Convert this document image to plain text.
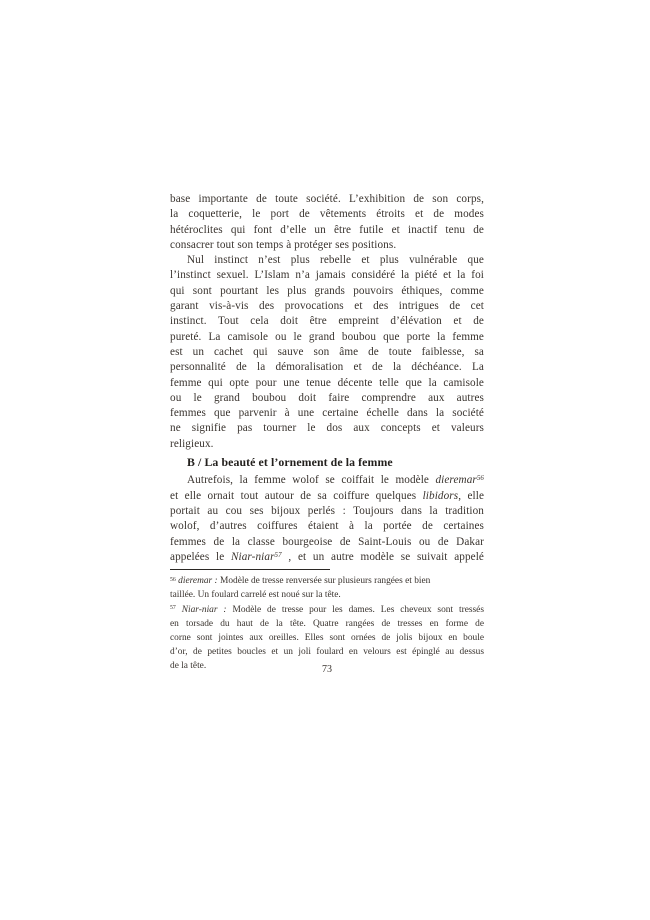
base importante de toute société. L’exhibition de son corps,
la coquetterie, le port de vêtements étroits et de modes
hétéroclites qui font d’elle un être futile et inactif tenu de
consacrer tout son temps à protéger ses positions.
Nul instinct n’est plus rebelle et plus vulnérable que
l’instinct sexuel. L’Islam n’a jamais considéré la piété et la foi
qui sont pourtant les plus grands pouvoirs éthiques, comme
garant vis-à-vis des provocations et des intrigues de cet
instinct. Tout cela doit être empreint d’élévation et de
pureté. La camisole ou le grand boubou que porte la femme
est un cachet qui sauve son âme de toute faiblesse, sa
personnalité de la démoralisation et de la déchéance. La
femme qui opte pour une tenue décente telle que la camisole
ou le grand boubou doit faire comprendre aux autres
femmes que parvenir à une certaine échelle dans la société
ne signifie pas tourner le dos aux concepts et valeurs
religieux.
B / La beauté et l’ornement de la femme
Autrefois, la femme wolof se coiffait le modèle dieremar$^{56}$
et elle ornait tout autour de sa coiffure quelques libidors, elle
portait au cou ses bijoux perlés : Toujours dans la tradition
wolof, d’autres coiffures étaient à la portée de certaines
femmes de la classe bourgeoise de Saint-Louis ou de Dakar
appelées le Niar-niar$^{57}$ , et un autre modèle se suivait appelé
$^{56}$ dieremar : Modèle de tresse renversée sur plusieurs rangées et bien
taillée. Un foulard carrelé est noué sur la tête.
$^{57}$ Niar-niar : Modèle de tresse pour les dames. Les cheveux sont tressés
en torsade du haut de la tête. Quatre rangées de tresses en forme de
corne sont jointes aux oreilles. Elles sont ornées de jolis bijoux en boule
d’or, de petites boucles et un joli foulard en velours est épinglé au dessus
de la tête.	73
